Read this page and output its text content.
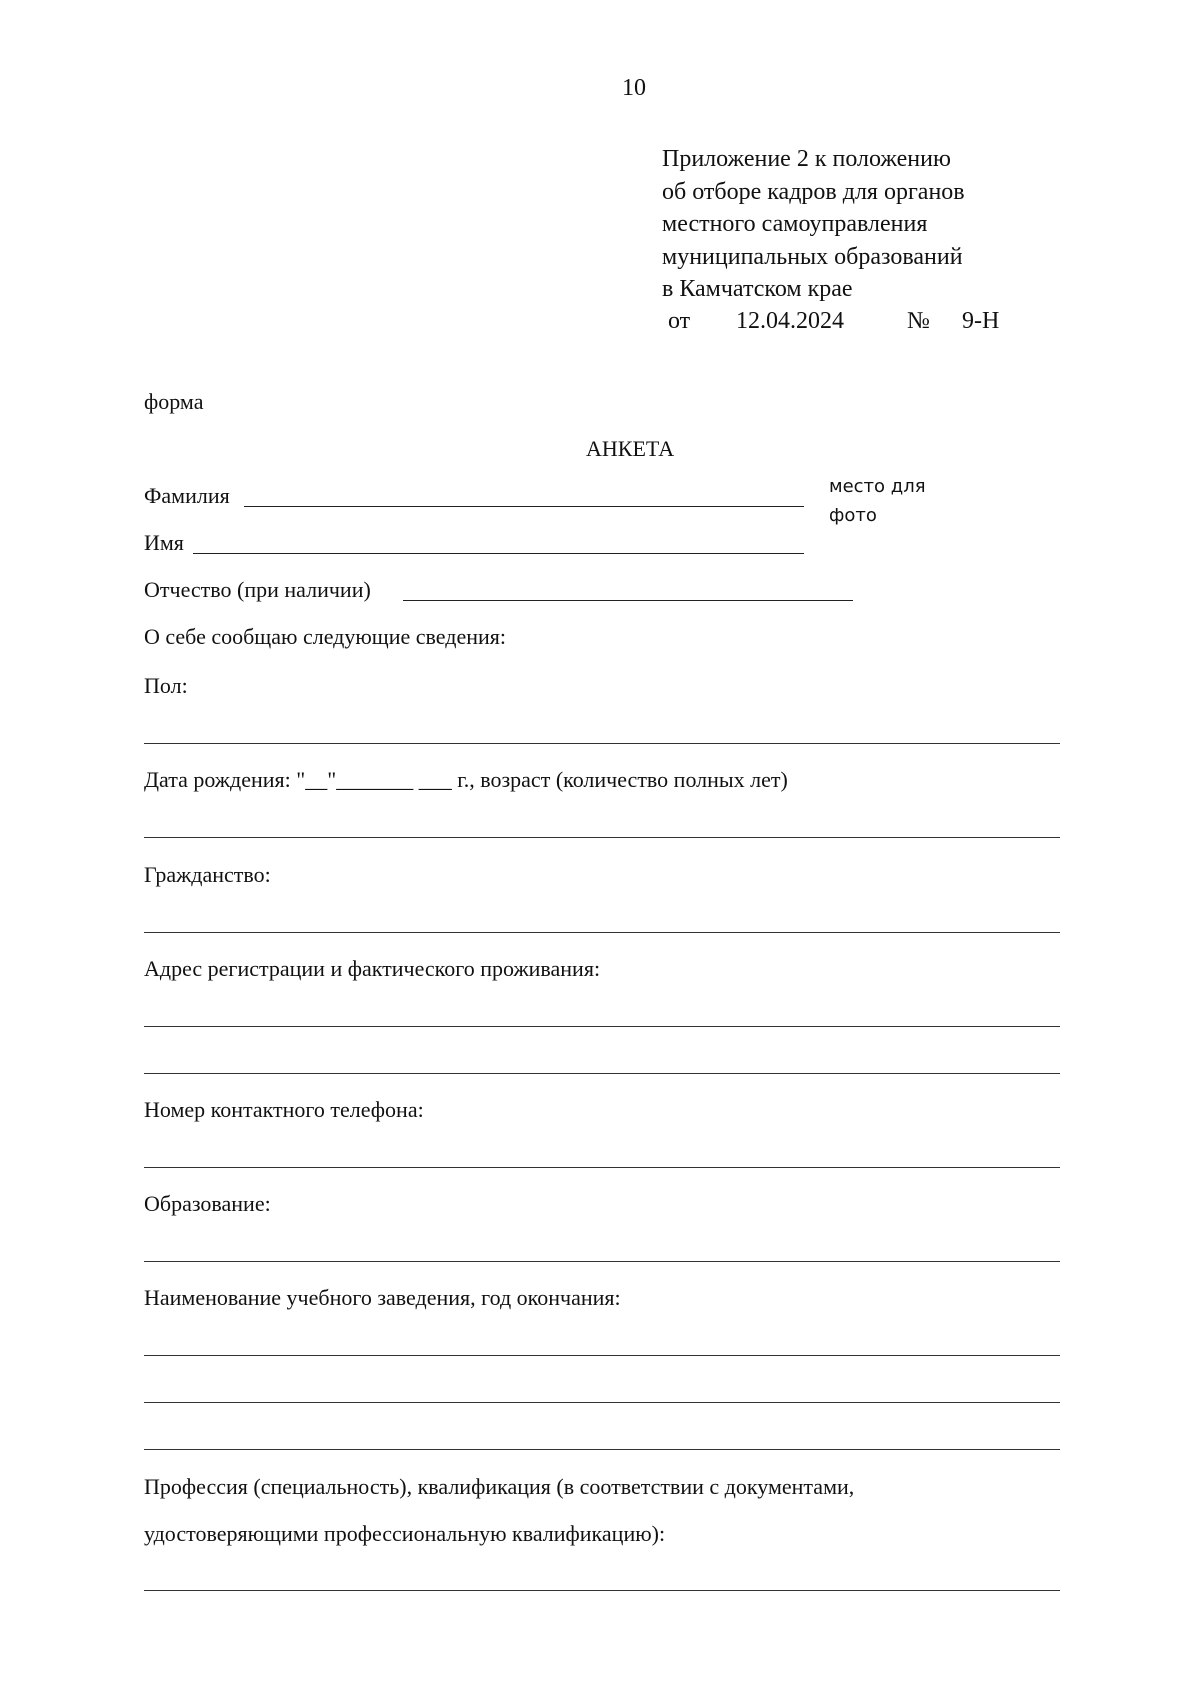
10
Приложение 2 к положению
об отборе кадров для органов
местного самоуправления
муниципальных образований
в Камчатском крае
от 12.04.2024	№ 9-Н
форма
АНКЕТА
место для
фото
Фамилия
Имя
Отчество (при наличии)
О себе сообщаю следующие сведения:
Пол:
Дата рождения: "__"_______ ___ г., возраст (количество полных лет)
Гражданство:
Адрес регистрации и фактического проживания:
Номер контактного телефона:
Образование:
Наименование учебного заведения, год окончания:
Профессия (специальность), квалификация (в соответствии с документами,
удостоверяющими профессиональную квалификацию):
